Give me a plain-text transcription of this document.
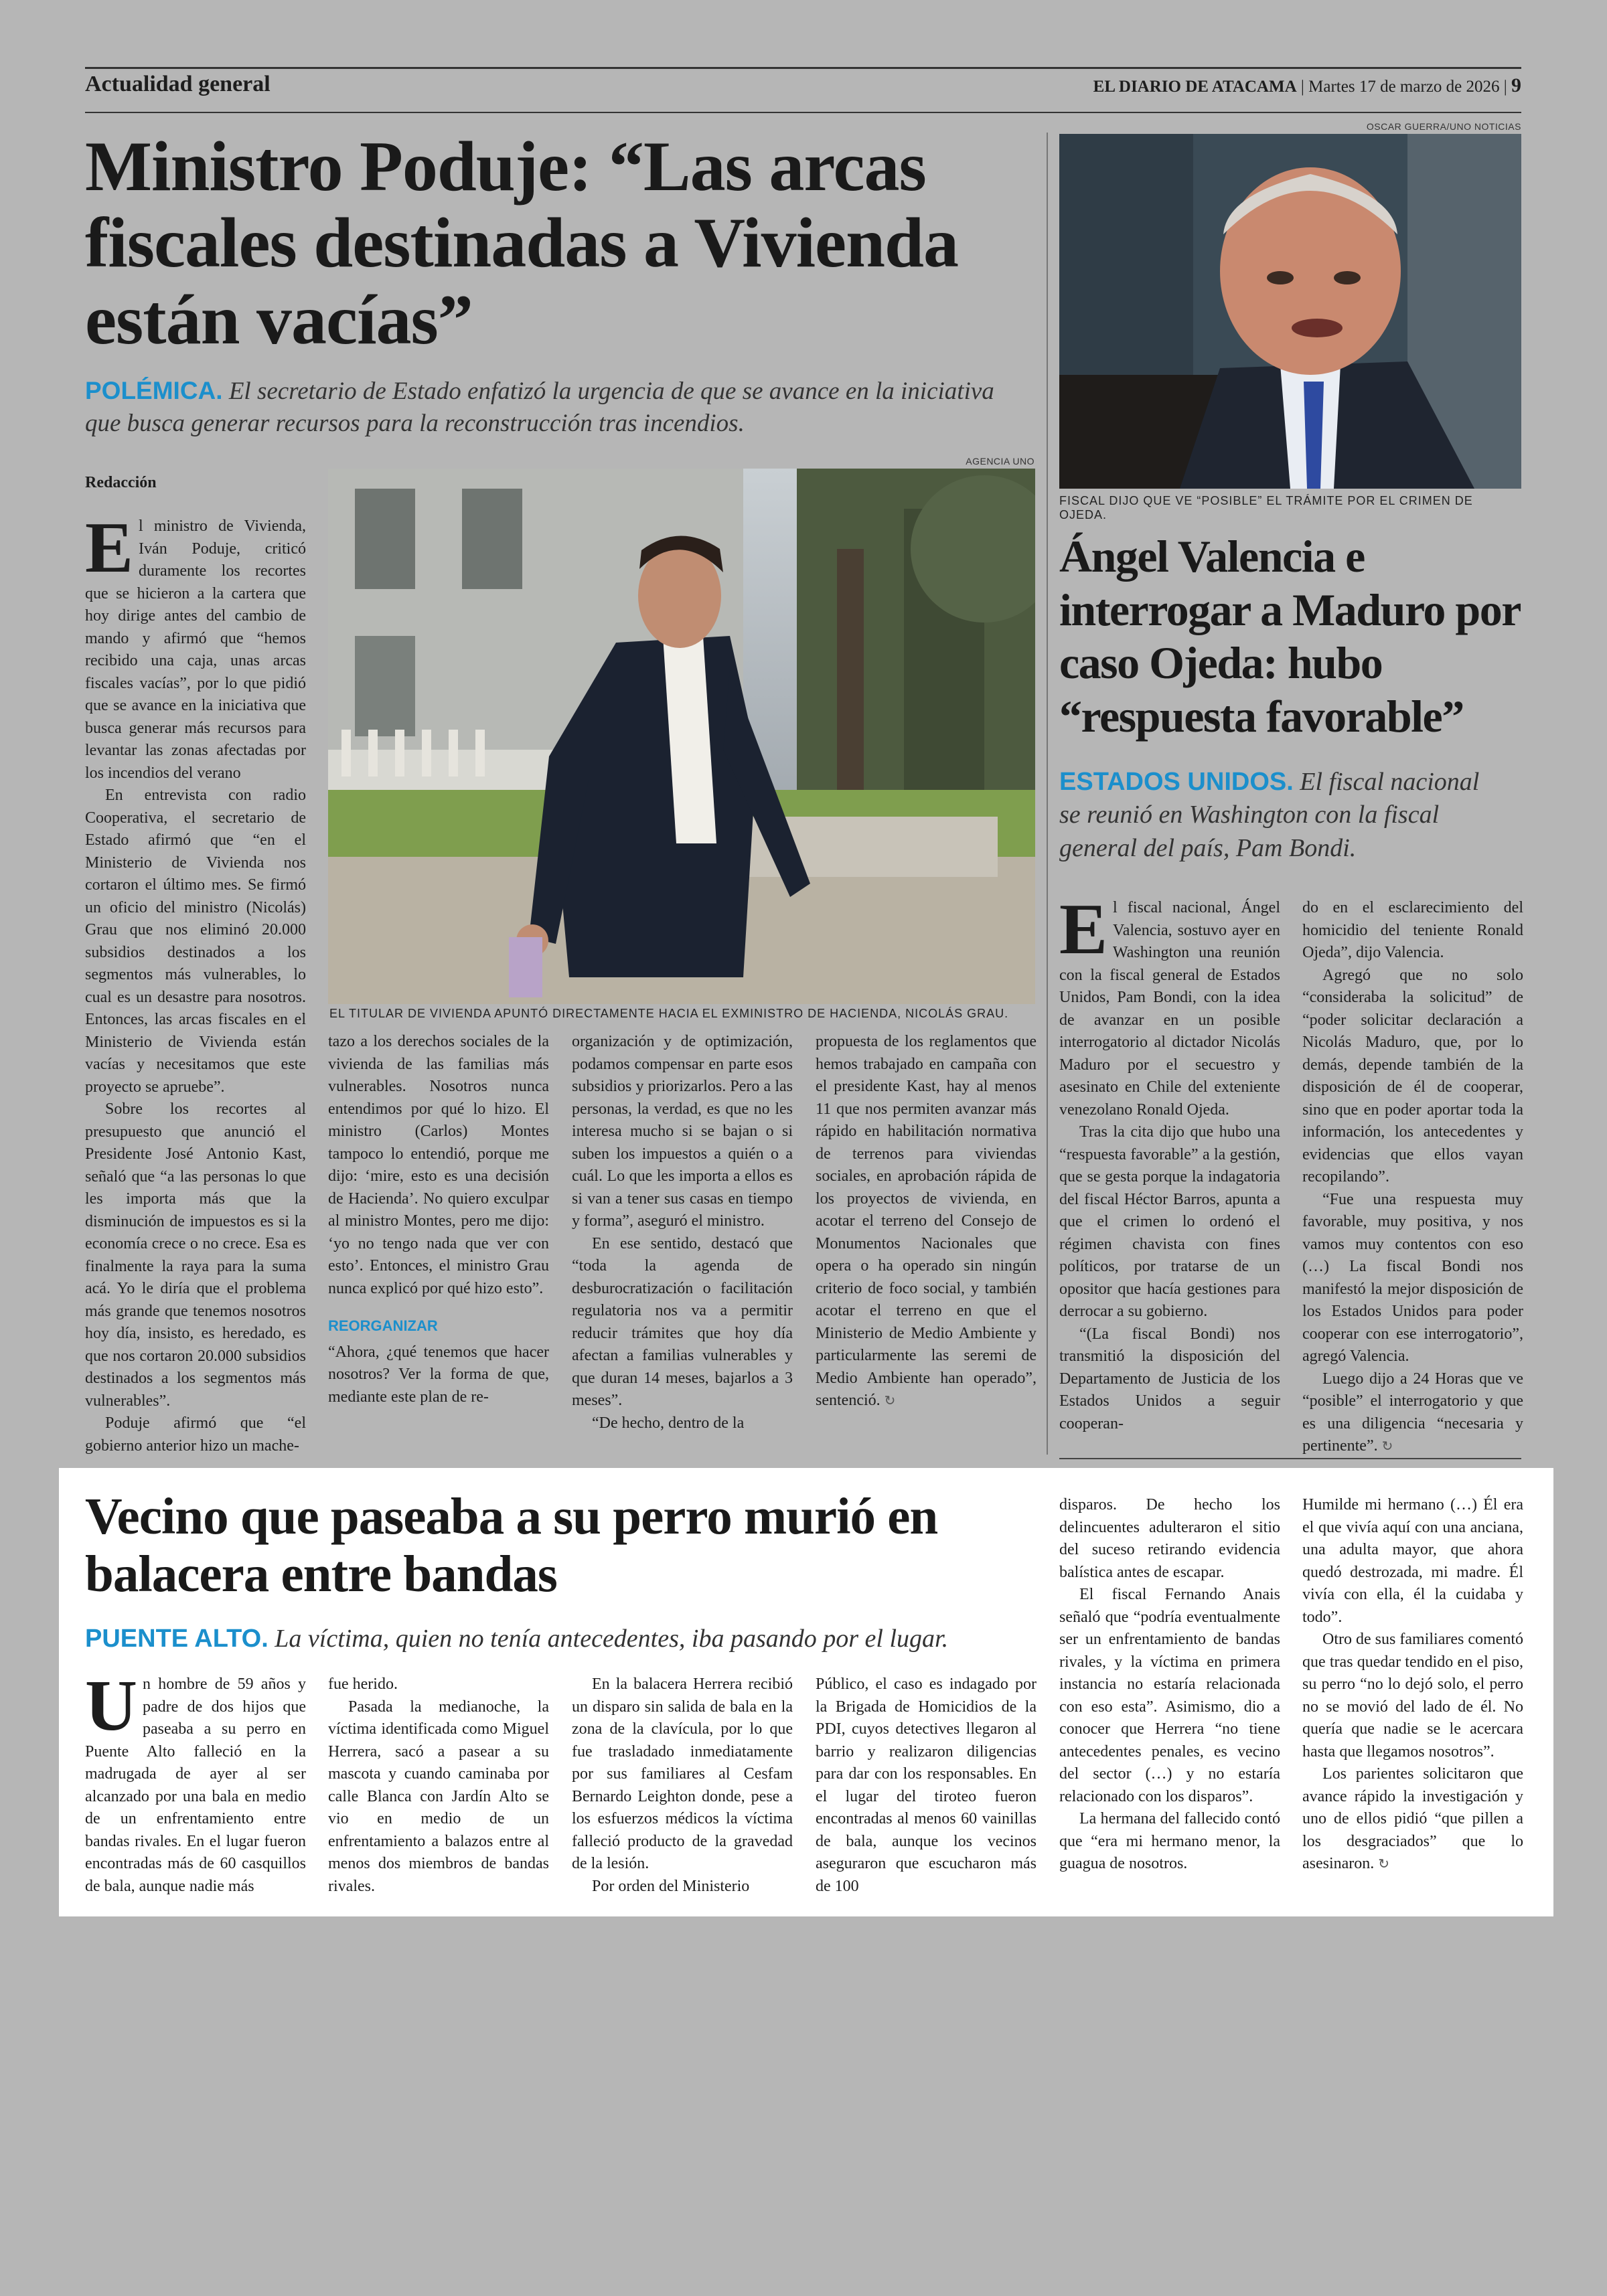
Actualidad general	EL DIARIO DE ATACAMA | Martes 17 de marzo de 2026 | 9
Ministro Poduje: “Las arcas fiscales destinadas a Vivienda están vacías”
POLÉMICA. El secretario de Estado enfatizó la urgencia de que se avance en la iniciativa que busca generar recursos para la reconstrucción tras incendios.
Redacción
AGENCIA UNO
EL TITULAR DE VIVIENDA APUNTÓ DIRECTAMENTE HACIA EL EXMINISTRO DE HACIENDA, NICOLÁS GRAU.

El ministro de Vivienda, Iván Poduje, criticó duramente los recortes que se hicieron a la cartera que hoy dirige antes del cambio de mando y afirmó que “hemos recibido una caja, unas arcas fiscales vacías”, por lo que pidió que se avance en la iniciativa que busca generar más recursos para levantar las zonas afectadas por los incendios del verano

En entrevista con radio Cooperativa, el secretario de Estado afirmó que “en el Ministerio de Vivienda nos cortaron el último mes. Se firmó un oficio del ministro (Nicolás) Grau que nos eliminó 20.000 subsidios destinados a los segmentos más vulnerables, lo cual es un desastre para nosotros. Entonces, las arcas fiscales en el Ministerio de Vivienda están vacías y necesitamos que este proyecto se apruebe”.

Sobre los recortes al presupuesto que anunció el Presidente José Antonio Kast, señaló que “a las personas lo que les importa más que la disminución de impuestos es si la economía crece o no crece. Esa es finalmente la raya para la suma acá. Yo le diría que el problema más grande que tenemos nosotros hoy día, insisto, es heredado, es que nos cortaron 20.000 subsidios destinados a los segmentos más vulnerables”.

Poduje afirmó que “el gobierno anterior hizo un mache-

tazo a los derechos sociales de la vivienda de las familias más vulnerables. Nosotros nunca entendimos por qué lo hizo. El ministro (Carlos) Montes tampoco lo entendió, porque me dijo: ‘mire, esto es una decisión de Hacienda’. No quiero exculpar al ministro Montes, pero me dijo: ‘yo no tengo nada que ver con esto’. Entonces, el ministro Grau nunca explicó por qué hizo esto”.

REORGANIZAR

“Ahora, ¿qué tenemos que hacer nosotros? Ver la forma de que, mediante este plan de re-

organización y de optimización, podamos compensar en parte esos subsidios y priorizarlos. Pero a las personas, la verdad, es que no les interesa mucho si se bajan o si suben los impuestos a quién o a cuál. Lo que les importa a ellos es si van a tener sus casas en tiempo y forma”, aseguró el ministro.

En ese sentido, destacó que “toda la agenda de desburocratización o facilitación regulatoria nos va a permitir reducir trámites que hoy día afectan a familias vulnerables y que duran 14 meses, bajarlos a 3 meses”.

“De hecho, dentro de la

propuesta de los reglamentos que hemos trabajado en campaña con el presidente Kast, hay al menos 11 que nos permiten avanzar más rápido en habilitación normativa de terrenos para viviendas sociales, en aprobación rápida de los proyectos de vivienda, en acotar el terreno del Consejo de Monumentos Nacionales que opera o ha operado sin ningún criterio de foco social, y también acotar el terreno en que el Ministerio de Medio Ambiente y particularmente las seremi de Medio Ambiente han operado”, sentenció. ↻

OSCAR GUERRA/UNO NOTICIAS
FISCAL DIJO QUE VE “POSIBLE” EL TRÁMITE POR EL CRIMEN DE OJEDA.
Ángel Valencia e interrogar a Maduro por caso Ojeda: hubo “respuesta favorable”
ESTADOS UNIDOS. El fiscal nacional se reunió en Washington con la fiscal general del país, Pam Bondi.

El fiscal nacional, Ángel Valencia, sostuvo ayer en Washington una reunión con la fiscal general de Estados Unidos, Pam Bondi, con la idea de avanzar en un posible interrogatorio al dictador Nicolás Maduro por el secuestro y asesinato en Chile del exteniente venezolano Ronald Ojeda.

Tras la cita dijo que hubo una “respuesta favorable” a la gestión, que se gesta porque la indagatoria del fiscal Héctor Barros, apunta a que el crimen lo ordenó el régimen chavista con fines políticos, por tratarse de un opositor que hacía gestiones para derrocar a su gobierno.

“(La fiscal Bondi) nos transmitió la disposición del Departamento de Justicia de los Estados Unidos a seguir cooperan-

do en el esclarecimiento del homicidio del teniente Ronald Ojeda”, dijo Valencia.

Agregó que no solo “consideraba la solicitud” de “poder solicitar declaración a Nicolás Maduro, que, por lo demás, depende también de la disposición de él de cooperar, sino que en poder aportar toda la información, los antecedentes y evidencias que ellos vayan recopilando”.

“Fue una respuesta muy favorable, muy positiva, y nos vamos muy contentos con eso (…) La fiscal Bondi nos manifestó la mejor disposición de los Estados Unidos para poder cooperar con ese interrogatorio”, agregó Valencia.

Luego dijo a 24 Horas que ve “posible” el interrogatorio y que es una diligencia “necesaria y pertinente”. ↻

Vecino que paseaba a su perro murió en balacera entre bandas
PUENTE ALTO. La víctima, quien no tenía antecedentes, iba pasando por el lugar.

Un hombre de 59 años y padre de dos hijos que paseaba a su perro en Puente Alto falleció en la madrugada de ayer al ser alcanzado por una bala en medio de un enfrentamiento entre bandas rivales. En el lugar fueron encontradas más de 60 casquillos de bala, aunque nadie más

fue herido.

Pasada la medianoche, la víctima identificada como Miguel Herrera, sacó a pasear a su mascota y cuando caminaba por calle Blanca con Jardín Alto se vio en medio de un enfrentamiento a balazos entre al menos dos miembros de bandas rivales.

En la balacera Herrera recibió un disparo sin salida de bala en la zona de la clavícula, por lo que fue trasladado inmediatamente por sus familiares al Cesfam Bernardo Leighton donde, pese a los esfuerzos médicos la víctima falleció producto de la gravedad de la lesión.

Por orden del Ministerio

Público, el caso es indagado por la Brigada de Homicidios de la PDI, cuyos detectives llegaron al barrio y realizaron diligencias para dar con los responsables. En el lugar del tiroteo fueron encontradas al menos 60 vainillas de bala, aunque los vecinos aseguraron que escucharon más de 100

disparos. De hecho los delincuentes adulteraron el sitio del suceso retirando evidencia balística antes de escapar.

El fiscal Fernando Anais señaló que “podría eventualmente ser un enfrentamiento de bandas rivales, y la víctima en primera instancia no estaría relacionada con eso esta”. Asimismo, dio a conocer que Herrera “no tiene antecedentes penales, es vecino del sector (…) y no estaría relacionado con los disparos”.

La hermana del fallecido contó que “era mi hermano menor, la guagua de nosotros.

Humilde mi hermano (…) Él era el que vivía aquí con una anciana, una adulta mayor, que ahora quedó destrozada, mi madre. Él vivía con ella, él la cuidaba y todo”.

Otro de sus familiares comentó que tras quedar tendido en el piso, su perro “no lo dejó solo, el perro no se movió del lado de él. No quería que nadie se le acercara hasta que llegamos nosotros”.

Los parientes solicitaron que avance rápido la investigación y uno de ellos pidió “que pillen a los desgraciados” que lo asesinaron. ↻
